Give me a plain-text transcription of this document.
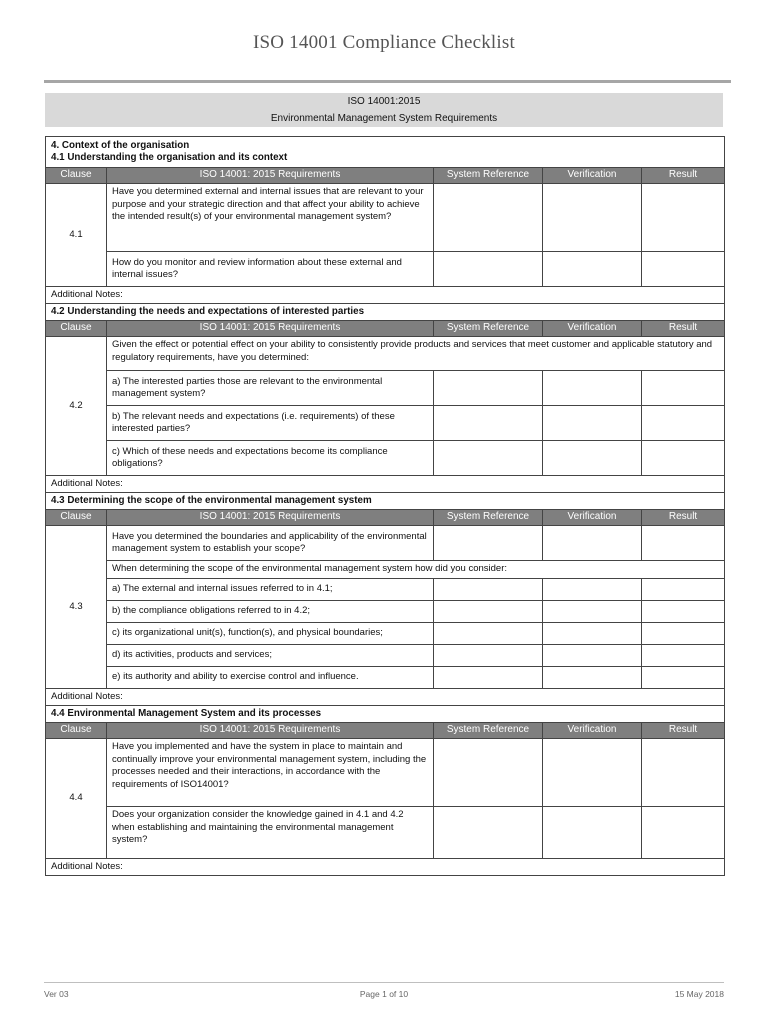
ISO 14001 Compliance Checklist
ISO 14001:2015
Environmental Management System Requirements
4. Context of the organisation
4.1 Understanding the organisation and its context				

Clause	ISO 14001: 2015 Requirements	System Reference	Verification	Result
4.1	Have you determined external and internal issues that are relevant to your purpose and your strategic direction and that affect your ability to achieve the intended result(s) of your environmental management system?			
	How do you monitor and review information about these external and internal issues?			
Additional Notes:				
4.2 Understanding the needs and expectations of interested parties				
Clause	ISO 14001: 2015 Requirements	System Reference	Verification	Result
4.2	Given the effect or potential effect on your ability to consistently provide products and services that meet customer and applicable statutory and regulatory requirements, have you determined:			
	a) The interested parties those are relevant to the environmental management system?			
	b) The relevant needs and expectations (i.e. requirements) of these interested parties?			
	c) Which of these needs and expectations become its compliance obligations?			
Additional Notes:				
4.3 Determining the scope of the environmental management system				
Clause	ISO 14001: 2015 Requirements	System Reference	Verification	Result
4.3	Have you determined the boundaries and applicability of the environmental management system to establish your scope?			
	When determining the scope of the environmental management system how did you consider:			
	a) The external and internal issues referred to in 4.1;			
	b) the compliance obligations referred to in 4.2;			
	c) its organizational unit(s), function(s), and physical boundaries;			
	d) its activities, products and services;			
	e) its authority and ability to exercise control and influence.			
Additional Notes:				
4.4 Environmental Management System and its processes				
Clause	ISO 14001: 2015 Requirements	System Reference	Verification	Result
4.4	Have you implemented and have the system in place to maintain and continually improve your environmental management system, including the processes needed and their interactions, in accordance with the requirements of ISO14001?			
	Does your organization consider the knowledge gained in 4.1 and 4.2 when establishing and maintaining the environmental management system?			
Additional Notes:				
Ver 03	Page 1 of 10	15 May 2018
